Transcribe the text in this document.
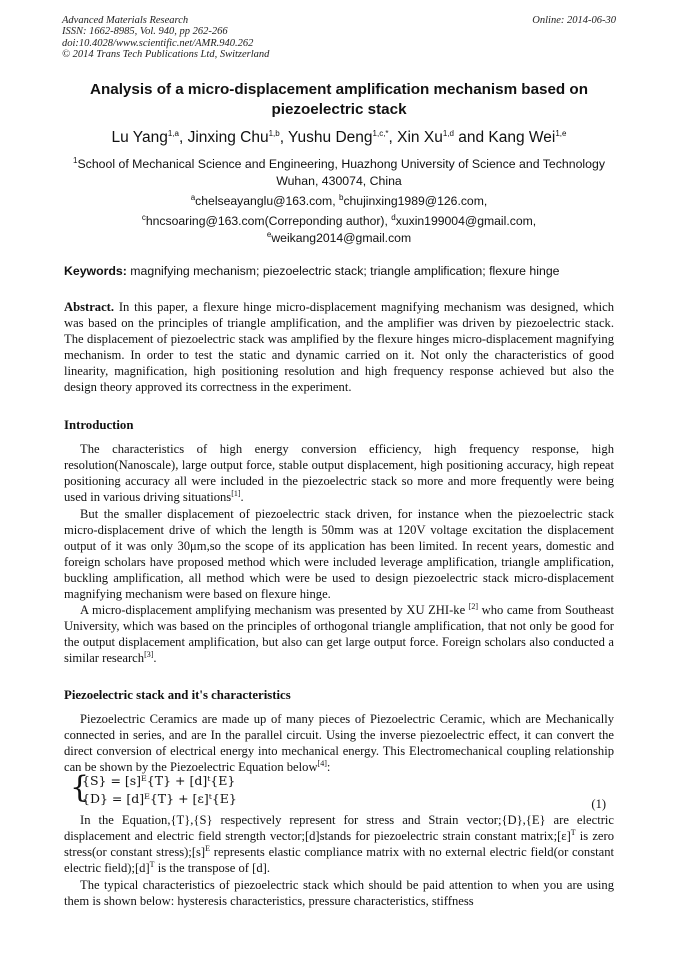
Advanced Materials Research
ISSN: 1662-8985, Vol. 940, pp 262-266
doi:10.4028/www.scientific.net/AMR.940.262
© 2014 Trans Tech Publications Ltd, Switzerland
Online: 2014-06-30
Analysis of a micro-displacement amplification mechanism based on piezoelectric stack
Lu Yang$^{1,a}$, Jinxing Chu$^{1,b}$, Yushu Deng$^{1,c,*}$, Xin Xu$^{1,d}$ and Kang Wei$^{1,e}$
$^1$School of Mechanical Science and Engineering, Huazhong University of Science and Technology Wuhan, 430074, China
$^a$chelseayanglu@163.com, $^b$chujinxing1989@126.com,
$^c$hncsoaring@163.com(Correponding author), $^d$xuxin199004@gmail.com,
$^e$weikang2014@gmail.com
Keywords: magnifying mechanism; piezoelectric stack; triangle amplification; flexure hinge
Abstract. In this paper, a flexure hinge micro-displacement magnifying mechanism was designed, which was based on the principles of triangle amplification, and the amplifier was driven by piezoelectric stack. The displacement of piezoelectric stack was amplified by the flexure hinges micro-displacement magnifying mechanism. In order to test the static and dynamic carried on it. Not only the characteristics of good linearity, magnification, high positioning resolution and high frequency response achieved but also the design theory approved its correctness in the experiment.
Introduction
The characteristics of high energy conversion efficiency, high frequency response, high resolution(Nanoscale), large output force, stable output displacement, high positioning accuracy, high repeat positioning accuracy all were included in the piezoelectric stack so more and more frequently were being used in various driving situations[1].
But the smaller displacement of piezoelectric stack driven, for instance when the piezoelectric stack micro-displacement drive of which the length is 50mm was at 120V voltage excitation the displacement output of it was only 30μm,so the scope of its application has been limited. In recent years, domestic and foreign scholars have proposed method which were included leverage amplification, triangle amplification, buckling amplification, all method which were be used to design piezoelectric stack micro-displacement magnifying mechanism were based on flexure hinge.
A micro-displacement amplifying mechanism was presented by XU ZHI-ke [2] who came from Southeast University, which was based on the principles of orthogonal triangle amplification, that not only be good for the output displacement amplification, but also can get large output force. Foreign scholars also conducted a similar research[3].
Piezoelectric stack and it's characteristics
Piezoelectric Ceramics are made up of many pieces of Piezoelectric Ceramic, which are Mechanically connected in series, and are In the parallel circuit. Using the inverse piezoelectric effect, it can convert the direct conversion of electrical energy into mechanical energy. This Electromechanical coupling relationship can be shown by the Piezoelectric Equation below[4]:
{
{S} = [s]ᴱ{T} + [d]ᵗ{E}
{D} = [d]ᴱ{T} + [ε]ᵗ{E}	(1)
In the Equation,{T},{S} respectively represent for stress and Strain vector;{D},{E} are electric displacement and electric field strength vector;[d]stands for piezoelectric strain constant $matrix;[\varepsilon]^T$ is zero stress(or constant $stress);[s]^E$ represents elastic compliance matrix with no external electric field(or constant electric $field);[d]^T$ is the transpose of [d].
The typical characteristics of piezoelectric stack which should be paid attention to when you are using them is shown below: hysteresis characteristics, pressure characteristics, stiffness
